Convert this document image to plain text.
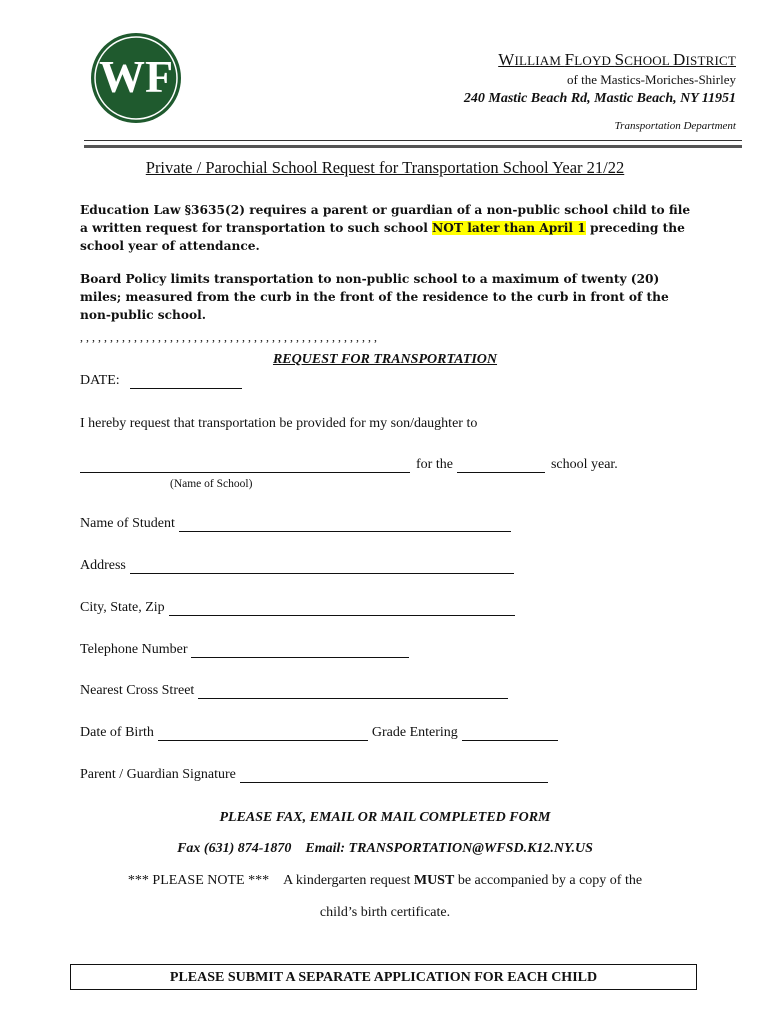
WF	WILLIAM FLOYD SCHOOL DISTRICT
of the Mastics-Moriches-Shirley
240 Mastic Beach Rd, Mastic Beach, NY 11951
Transportation Department
Private / Parochial School Request for Transportation School Year 21/22
Education Law §3635(2) requires a parent or guardian of a non-public school child to file a written request for transportation to such school NOT later than April 1 preceding the school year of attendance.
Board Policy limits transportation to non-public school to a maximum of twenty (20) miles; measured from the curb in the front of the residence to the curb in front of the non-public school.
, , , , , , , , , , , , , , , , , , , , , , , , , , , , , , , , , , , , , , , , , , , , , , , , , ,
REQUEST FOR TRANSPORTATION
DATE:
I hereby request that transportation be provided for my son/daughter to
for the	school year.
(Name of School)
Name of Student
Address
City, State, Zip
Telephone Number
Nearest Cross Street
Date of Birth	Grade Entering
Parent / Guardian Signature
PLEASE FAX, EMAIL OR MAIL COMPLETED FORM
Fax (631) 874-1870 Email: TRANSPORTATION@WFSD.K12.NY.US
*** PLEASE NOTE *** A kindergarten request MUST be accompanied by a copy of the
child’s birth certificate.
PLEASE SUBMIT A SEPARATE APPLICATION FOR EACH CHILD
